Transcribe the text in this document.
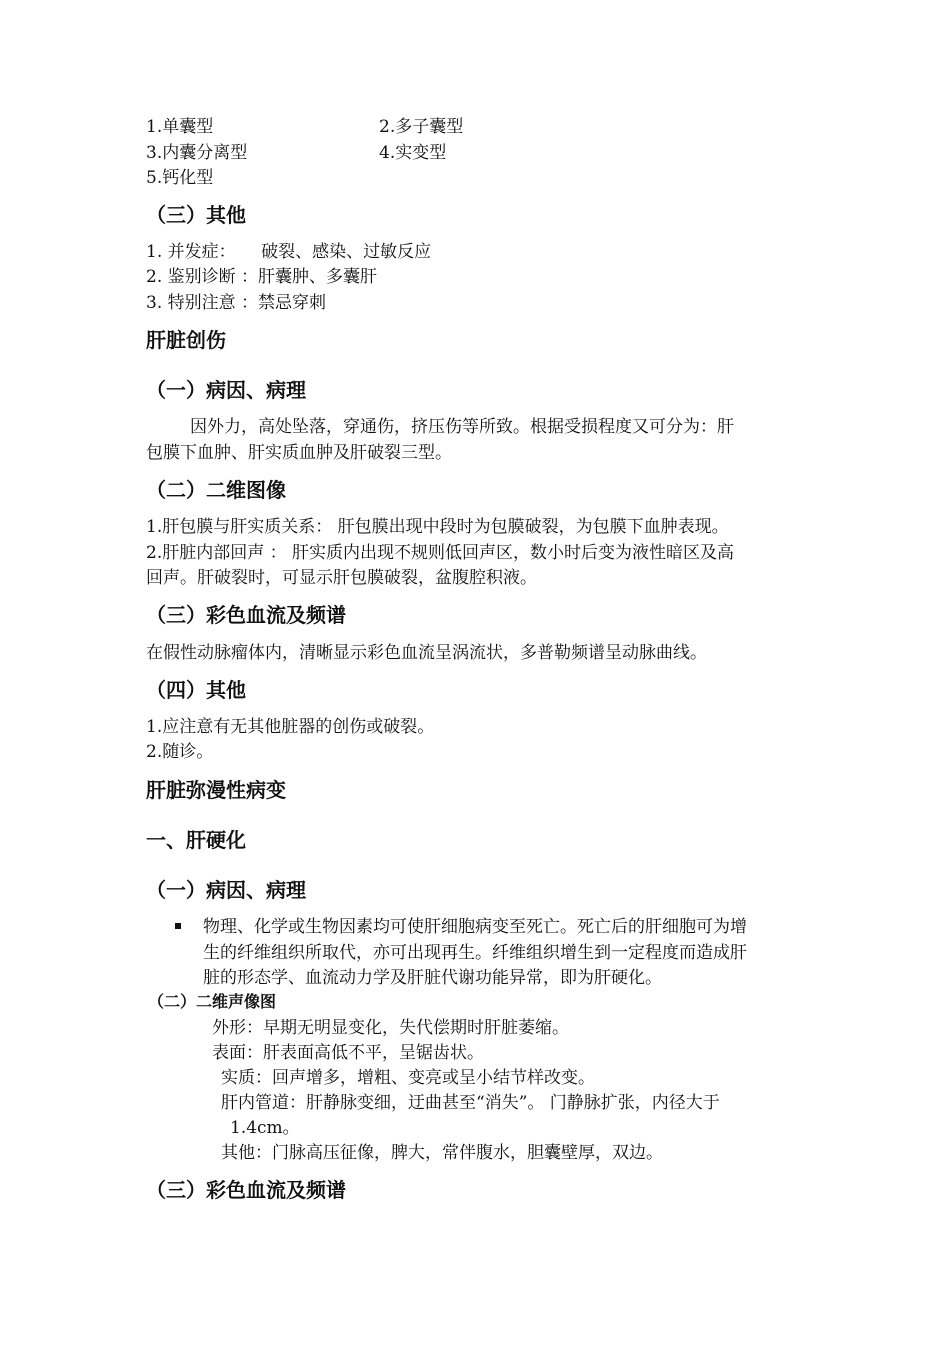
1.单囊型	2.多子囊型
3.内囊分离型	4.实变型
5.钙化型
（三）其他
1. 并发症：　　破裂、感染、过敏反应
2. 鉴别诊断 ：肝囊肿、多囊肝
3. 特别注意 ：禁忌穿刺
肝脏创伤
（一）病因、病理
因外力，高处坠落，穿通伤，挤压伤等所致。根据受损程度又可分为：肝
包膜下血肿、肝实质血肿及肝破裂三型。
（二）二维图像
1.肝包膜与肝实质关系： 肝包膜出现中段时为包膜破裂，为包膜下血肿表现。
2.肝脏内部回声 ： 肝实质内出现不规则低回声区，数小时后变为液性暗区及高
回声。肝破裂时，可显示肝包膜破裂，盆腹腔积液。
（三）彩色血流及频谱
在假性动脉瘤体内，清晰显示彩色血流呈涡流状，多普勒频谱呈动脉曲线。
（四）其他
1.应注意有无其他脏器的创伤或破裂。
2.随诊。
肝脏弥漫性病变
一、肝硬化
（一）病因、病理
物理、化学或生物因素均可使肝细胞病变至死亡。死亡后的肝细胞可为增
生的纤维组织所取代，亦可出现再生。纤维组织增生到一定程度而造成肝
脏的形态学、血流动力学及肝脏代谢功能异常，即为肝硬化。
（二）二维声像图
外形：早期无明显变化，失代偿期时肝脏萎缩。
表面：肝表面高低不平，呈锯齿状。
实质：回声增多，增粗、变亮或呈小结节样改变。
肝内管道：肝静脉变细，迂曲甚至“消失”。 门静脉扩张，内径大于
1.4cm。
其他：门脉高压征像，脾大，常伴腹水，胆囊壁厚，双边。
（三）彩色血流及频谱
